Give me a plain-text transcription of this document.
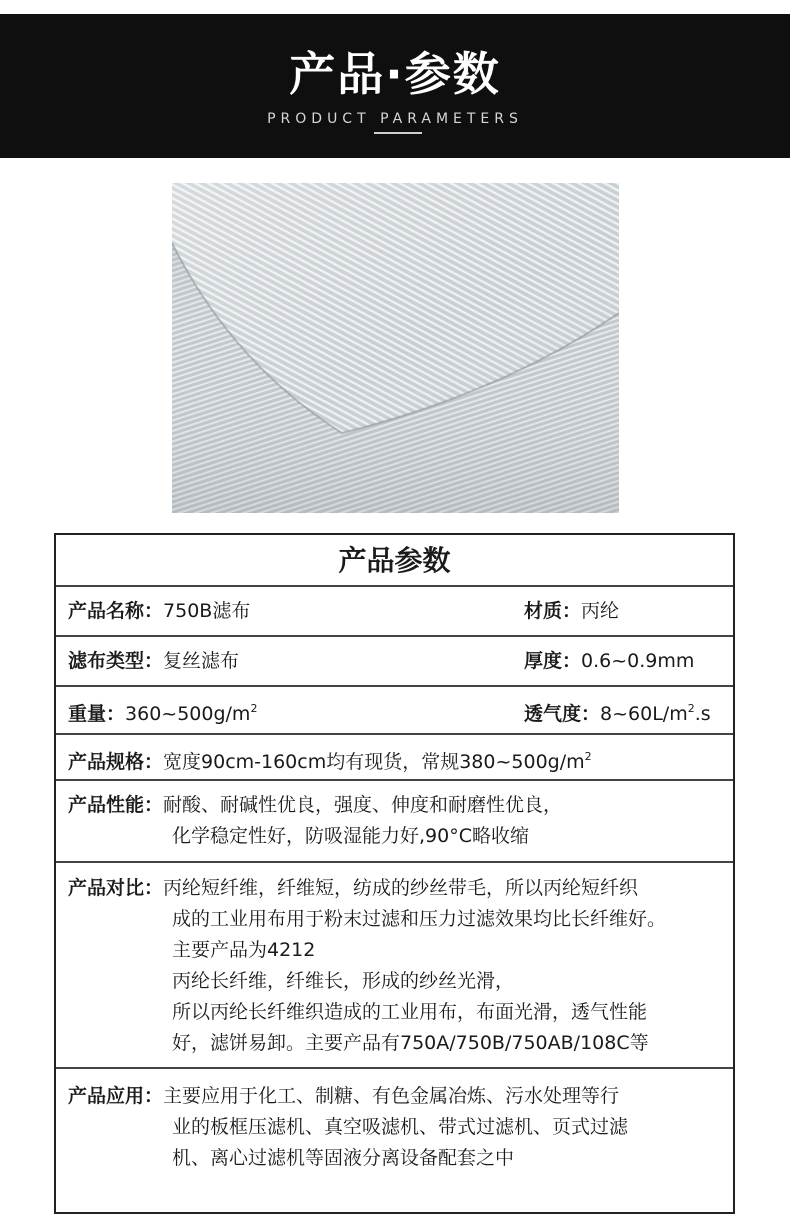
产品·参数
PRODUCT PARAMETERS
产品参数
产品名称：750B滤布	材质：丙纶
滤布类型：复丝滤布	厚度：0.6~0.9mm
重量：$360\sim 500g/m^2$	透气度：$8\sim 60L/m^2.s$
产品规格：宽度90cm-160cm均有现货，常规$380\sim 500g/m^2$
产品性能：耐酸、耐碱性优良，强度、伸度和耐磨性优良，
化学稳定性好，防吸湿能力好,90°C略收缩
产品对比：丙纶短纤维，纤维短，纺成的纱丝带毛，所以丙纶短纤织
成的工业用布用于粉末过滤和压力过滤效果均比长纤维好。
主要产品为4212
丙纶长纤维，纤维长，形成的纱丝光滑，
所以丙纶长纤维织造成的工业用布，布面光滑，透气性能
好，滤饼易卸。主要产品有750A/750B/750AB/108C等
产品应用：主要应用于化工、制糖、有色金属冶炼、污水处理等行
业的板框压滤机、真空吸滤机、带式过滤机、页式过滤
机、离心过滤机等固液分离设备配套之中
